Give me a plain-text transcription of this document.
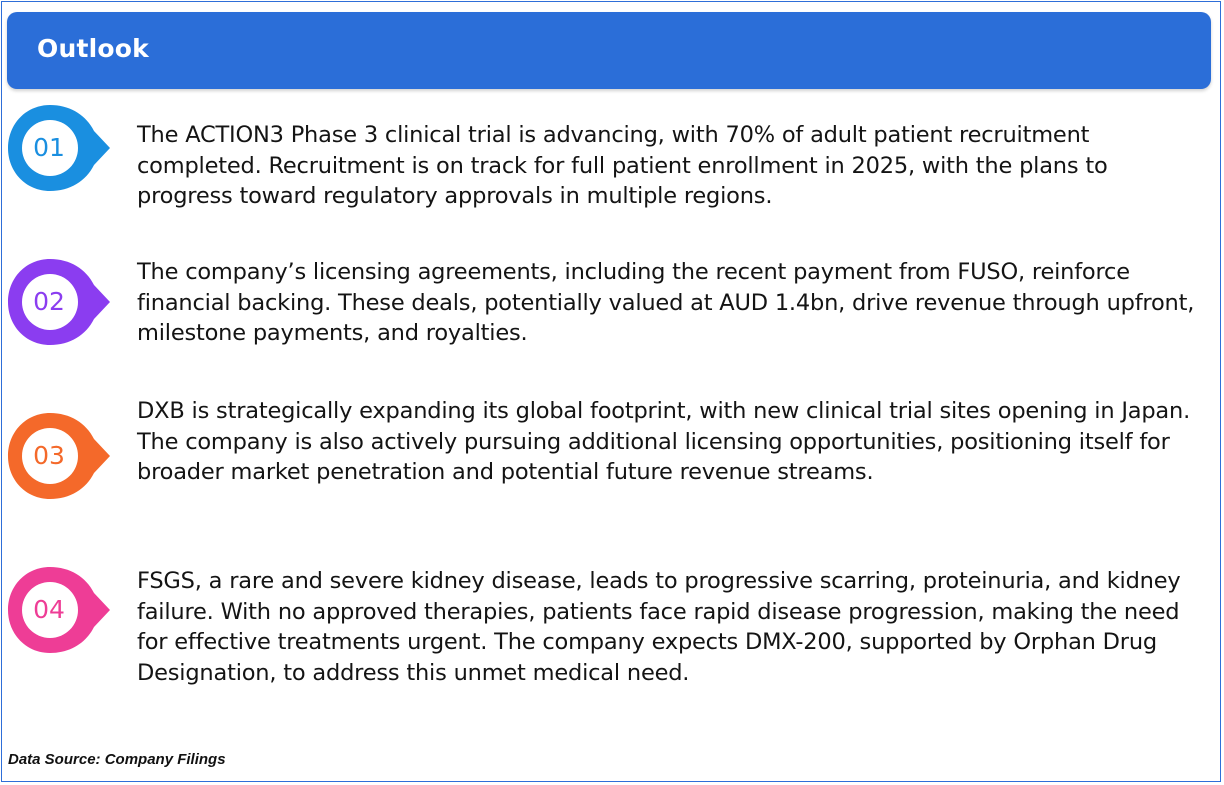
Outlook
01	The ACTION3 Phase 3 clinical trial is advancing, with 70% of adult patient recruitment completed. Recruitment is on track for full patient enrollment in 2025, with the plans to progress toward regulatory approvals in multiple regions.
02
The company’s licensing agreements, including the recent payment from FUSO, reinforce financial backing. These deals, potentially valued at AUD 1.4bn, drive revenue through upfront, milestone payments, and royalties.
03
DXB is strategically expanding its global footprint, with new clinical trial sites opening in Japan. The company is also actively pursuing additional licensing opportunities, positioning itself for broader market penetration and potential future revenue streams.
04
FSGS, a rare and severe kidney disease, leads to progressive scarring, proteinuria, and kidney failure. With no approved therapies, patients face rapid disease progression, making the need for effective treatments urgent. The company expects DMX-200, supported by Orphan Drug Designation, to address this unmet medical need.
Data Source: Company Filings
